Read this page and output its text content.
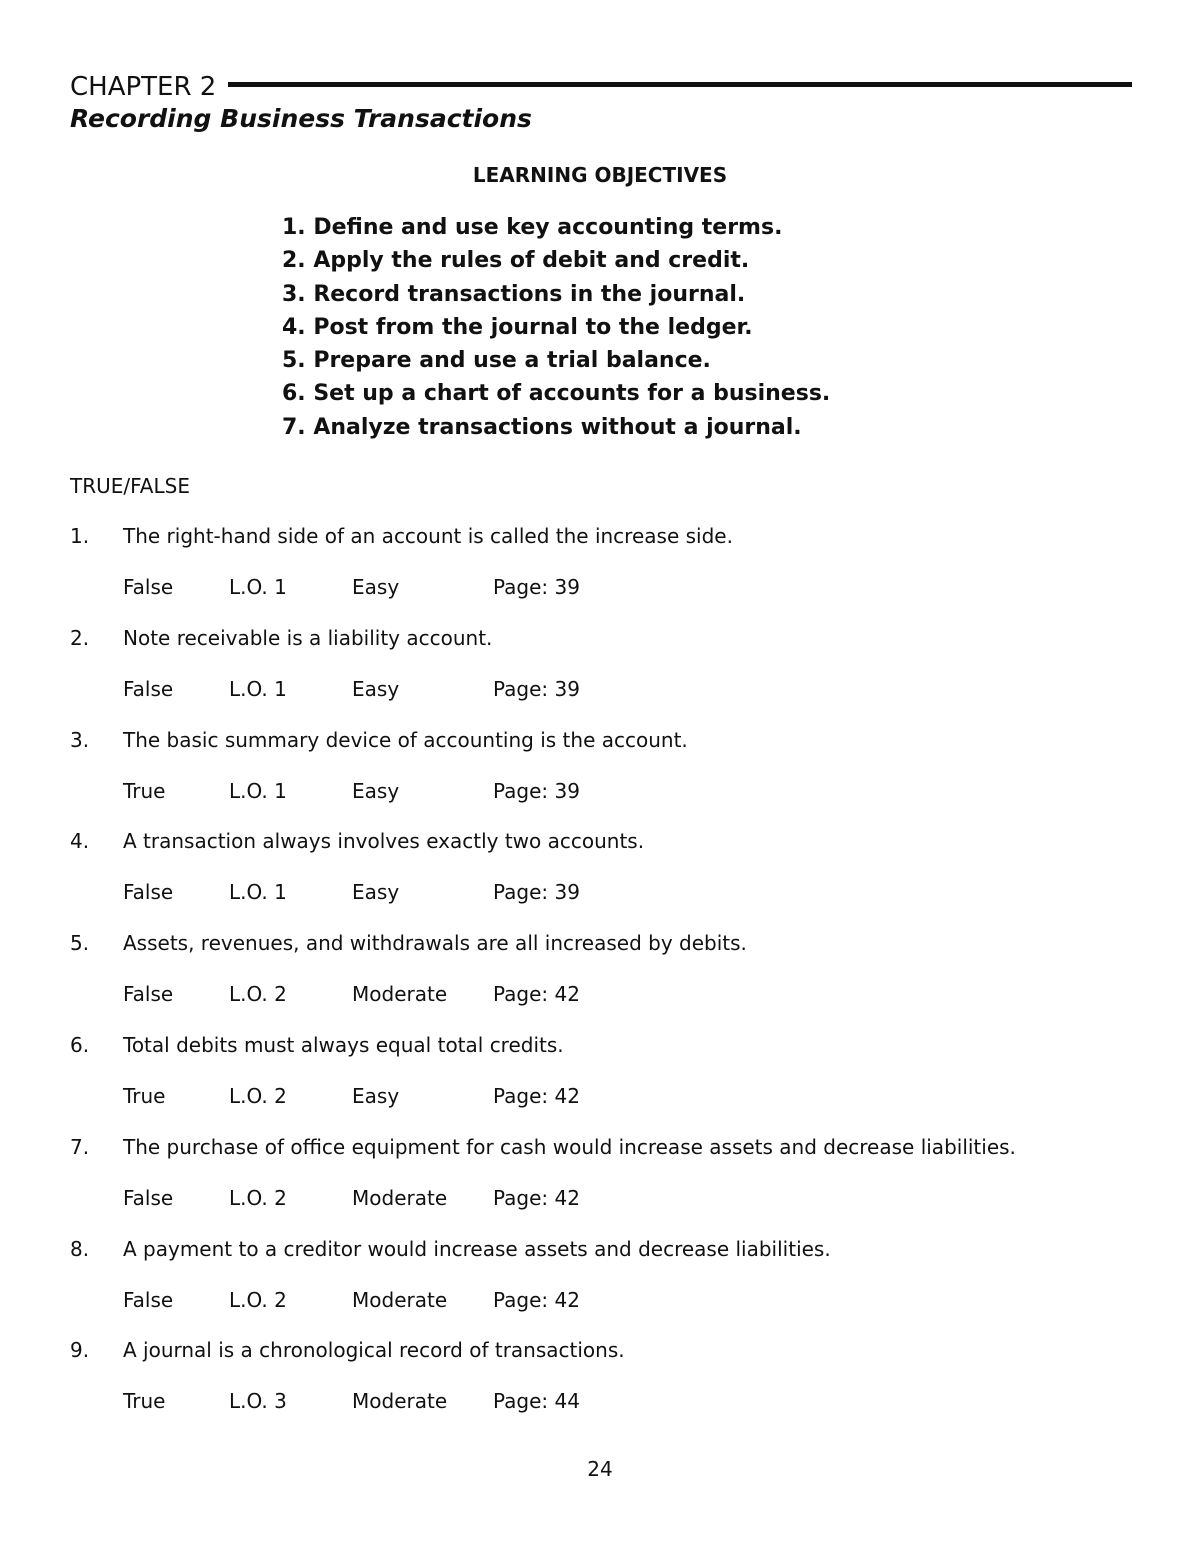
CHAPTER 2
Recording Business Transactions
LEARNING OBJECTIVES
1. Define and use key accounting terms.
2. Apply the rules of debit and credit.
3. Record transactions in the journal.
4. Post from the journal to the ledger.
5. Prepare and use a trial balance.
6. Set up a chart of accounts for a business.
7. Analyze transactions without a journal.
TRUE/FALSE
1. The right-hand side of an account is called the increase side.
False	L.O. 1	Easy	Page: 39
2. Note receivable is a liability account.
False	L.O. 1	Easy	Page: 39
3. The basic summary device of accounting is the account.
True	L.O. 1	Easy	Page: 39
4. A transaction always involves exactly two accounts.
False	L.O. 1	Easy	Page: 39
5. Assets, revenues, and withdrawals are all increased by debits.
False	L.O. 2	Moderate Page: 42
6. Total debits must always equal total credits.
True	L.O. 2	Easy	Page: 42
7. The purchase of office equipment for cash would increase assets and decrease liabilities.
False	L.O. 2	Moderate Page: 42
8. A payment to a creditor would increase assets and decrease liabilities.
False	L.O. 2	Moderate Page: 42
9. A journal is a chronological record of transactions.
True	L.O. 3	Moderate Page: 44
24
